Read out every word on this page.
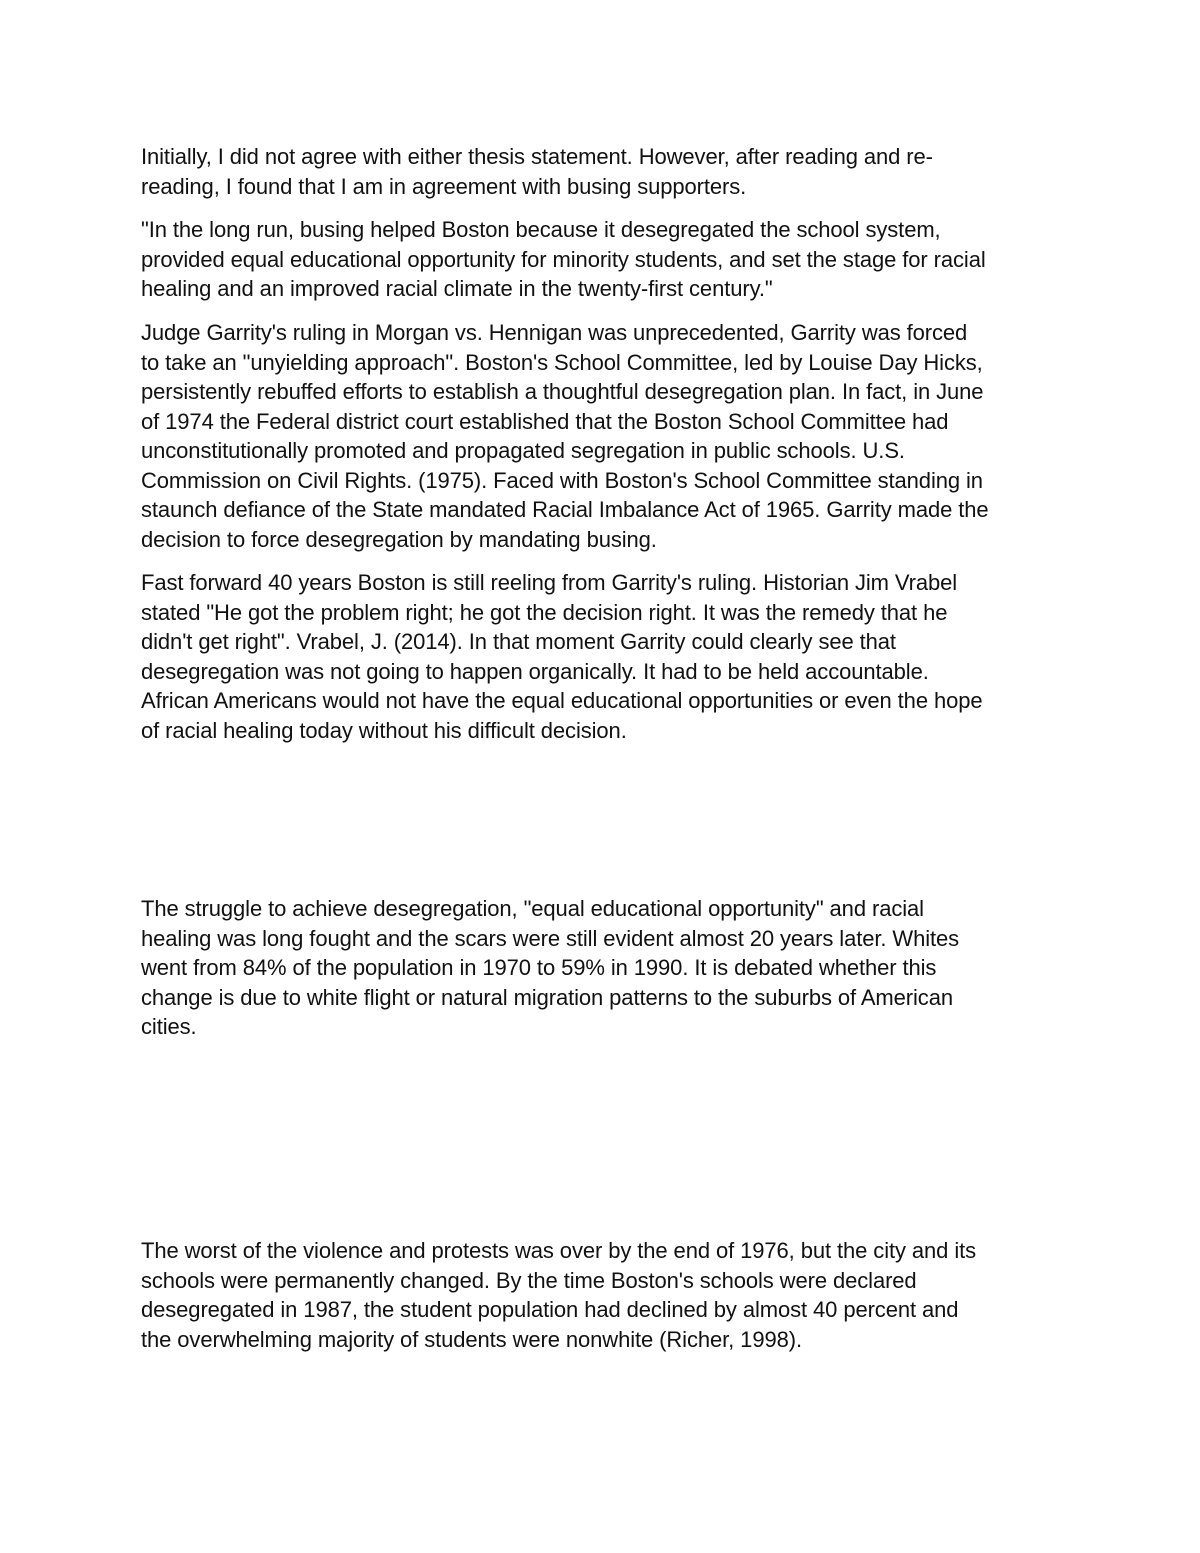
Initially, I did not agree with either thesis statement. However, after reading and re-
reading, I found that I am in agreement with busing supporters.

"In the long run, busing helped Boston because it desegregated the school system,
provided equal educational opportunity for minority students, and set the stage for racial
healing and an improved racial climate in the twenty-first century."

Judge Garrity's ruling in Morgan vs. Hennigan was unprecedented, Garrity was forced
to take an "unyielding approach". Boston's School Committee, led by Louise Day Hicks,
persistently rebuffed efforts to establish a thoughtful desegregation plan. In fact, in June
of 1974 the Federal district court established that the Boston School Committee had
unconstitutionally promoted and propagated segregation in public schools. U.S.
Commission on Civil Rights. (1975). Faced with Boston's School Committee standing in
staunch defiance of the State mandated Racial Imbalance Act of 1965. Garrity made the
decision to force desegregation by mandating busing.

Fast forward 40 years Boston is still reeling from Garrity's ruling. Historian Jim Vrabel
stated "He got the problem right; he got the decision right. It was the remedy that he
didn't get right". Vrabel, J. (2014). In that moment Garrity could clearly see that
desegregation was not going to happen organically. It had to be held accountable.
African Americans would not have the equal educational opportunities or even the hope
of racial healing today without his difficult decision.

The struggle to achieve desegregation, "equal educational opportunity" and racial
healing was long fought and the scars were still evident almost 20 years later. Whites
went from 84% of the population in 1970 to 59% in 1990. It is debated whether this
change is due to white flight or natural migration patterns to the suburbs of American
cities.

The worst of the violence and protests was over by the end of 1976, but the city and its
schools were permanently changed. By the time Boston's schools were declared
desegregated in 1987, the student population had declined by almost 40 percent and
the overwhelming majority of students were nonwhite (Richer, 1998).
